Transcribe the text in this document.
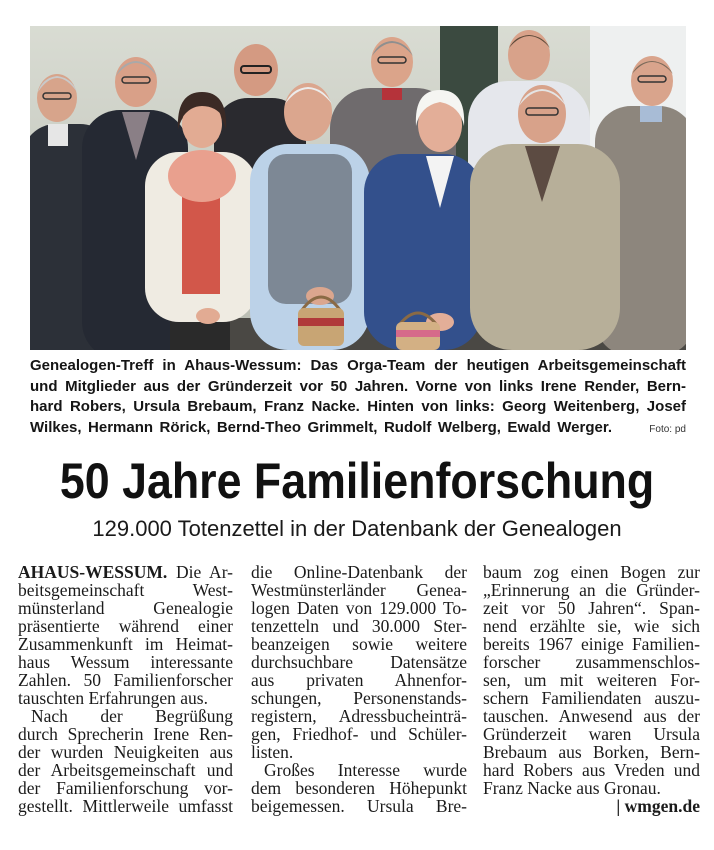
Genealogen-Treff in Ahaus-Wessum: Das Orga-Team der heutigen Arbeitsgemeinschaft
und Mitglieder aus der Gründerzeit vor 50 Jahren. Vorne von links Irene Render, Bern-
hard Robers, Ursula Brebaum, Franz Nacke. Hinten von links: Georg Weitenberg, Josef
Wilkes, Hermann Rörick, Bernd-Theo Grimmelt, Rudolf Welberg, Ewald Werger.	Foto: pd
50 Jahre Familienforschung
129.000 Totenzettel in der Datenbank der Genealogen
AHAUS-WESSUM. Die Ar-
beitsgemeinschaft West-
münsterland Genealogie
präsentierte während einer
Zusammenkunft im Heimat-
haus Wessum interessante
Zahlen. 50 Familienforscher
tauschten Erfahrungen aus.
Nach der Begrüßung
durch Sprecherin Irene Ren-
der wurden Neuigkeiten aus
der Arbeitsgemeinschaft und
der Familienforschung vor-
gestellt. Mittlerweile umfasst
die Online-Datenbank der
Westmünsterländer Genea-
logen Daten von 129.000 To-
tenzetteln und 30.000 Ster-
beanzeigen sowie weitere
durchsuchbare Datensätze
aus privaten Ahnenfor-
schungen, Personenstands-
registern, Adressbucheinträ-
gen, Friedhof- und Schüler-
listen.
Großes Interesse wurde
dem besonderen Höhepunkt
beigemessen. Ursula Bre-
baum zog einen Bogen zur
„Erinnerung an die Gründer-
zeit vor 50 Jahren“. Span-
nend erzählte sie, wie sich
bereits 1967 einige Familien-
forscher zusammenschlos-
sen, um mit weiteren For-
schern Familiendaten auszu-
tauschen. Anwesend aus der
Gründerzeit waren Ursula
Brebaum aus Borken, Bern-
hard Robers aus Vreden und
Franz Nacke aus Gronau.
| wmgen.de
